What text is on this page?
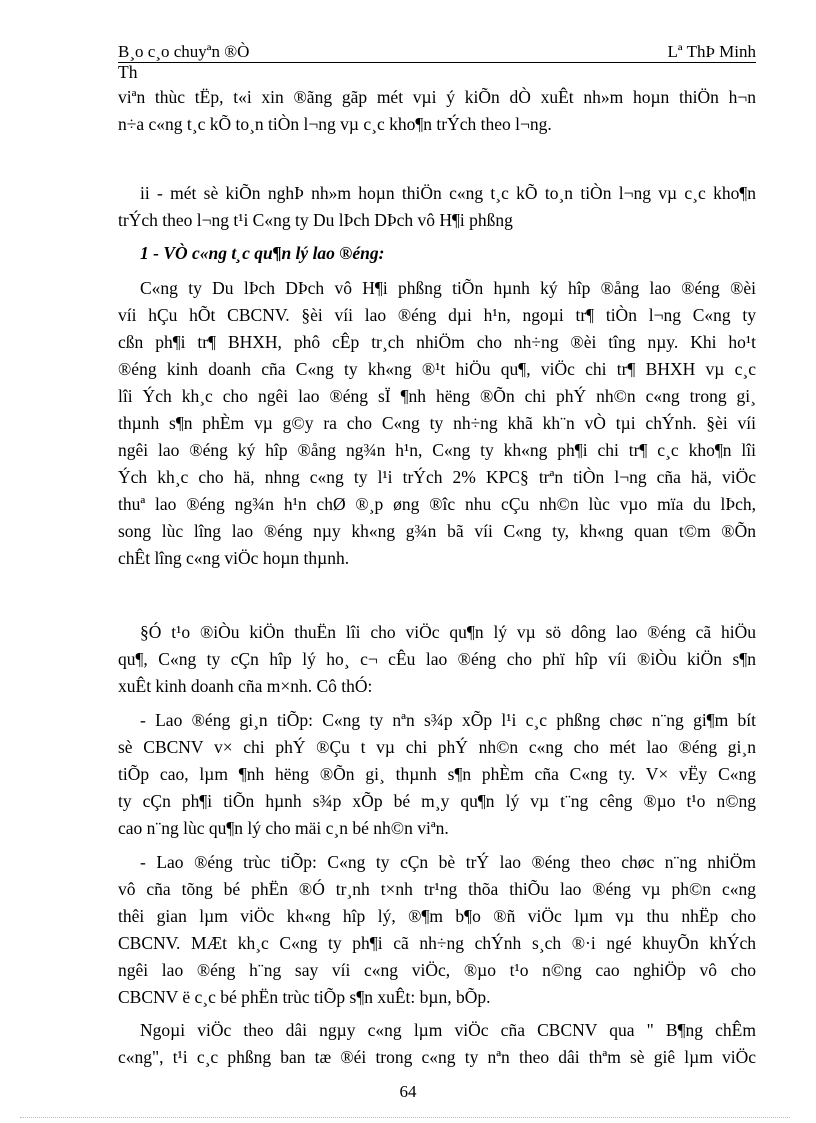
B¸o c¸o chuyªn ®Ò	Lª ThÞ Minh
Th
viªn thùc tËp, t«i xin ®ãng gãp mét vµi ý kiÕn dÒ xuÊt nh»m hoµn thiÖn h¬n
n÷a c«ng t¸c kÕ to¸n tiÒn l¬ng vµ c¸c kho¶n trÝch theo l¬ng.
ii - mét sè kiÕn nghÞ nh»m hoµn thiÖn c«ng t¸c kÕ to¸n tiÒn l¬ng vµ c¸c kho¶n
trÝch theo l¬ng t¹i C«ng ty Du lÞch DÞch vô H¶i phßng
1 - VÒ c«ng t¸c qu¶n lý lao ®éng:
C«ng ty Du lÞch DÞch vô H¶i phßng tiÕn hµnh ký hîp ®ång lao ®éng ®èi
víi hÇu hÕt CBCNV. §èi víi lao ®éng dµi h¹n, ngoµi tr¶ tiÒn l¬ng C«ng ty
cßn ph¶i tr¶ BHXH, phô cÊp tr¸ch nhiÖm cho nh÷ng ®èi tîng nµy. Khi ho¹t
®éng kinh doanh cña C«ng ty kh«ng ®¹t hiÖu qu¶, viÖc chi tr¶ BHXH vµ c¸c
lîi Ých kh¸c cho ngêi lao ®éng sÏ ¶nh hëng ®Õn chi phÝ nh©n c«ng trong gi¸
thµnh s¶n phÈm vµ g©y ra cho C«ng ty nh÷ng khã kh¨n vÒ tµi chÝnh. §èi víi
ngêi lao ®éng ký hîp ®ång ng¾n h¹n, C«ng ty kh«ng ph¶i chi tr¶ c¸c kho¶n lîi
Ých kh¸c cho hä, nhng c«ng ty l¹i trÝch 2% KPC§ trªn tiÒn l¬ng cña hä, viÖc
thuª lao ®éng ng¾n h¹n chØ ®¸p øng ®îc nhu cÇu nh©n lùc vµo mïa du lÞch,
song lùc lîng lao ®éng nµy kh«ng g¾n bã víi C«ng ty, kh«ng quan t©m ®Õn
chÊt lîng c«ng viÖc hoµn thµnh.
§Ó t¹o ®iÒu kiÖn thuËn lîi cho viÖc qu¶n lý vµ sö dông lao ®éng cã hiÖu
qu¶, C«ng ty cÇn hîp lý ho¸ c¬ cÊu lao ®éng cho phï hîp víi ®iÒu kiÖn s¶n
xuÊt kinh doanh cña m×nh. Cô thÓ:
- Lao ®éng gi¸n tiÕp: C«ng ty nªn s¾p xÕp l¹i c¸c phßng chøc n¨ng gi¶m bít
sè CBCNV v× chi phÝ ®Çu t vµ chi phÝ nh©n c«ng cho mét lao ®éng gi¸n
tiÕp cao, lµm ¶nh hëng ®Õn gi¸ thµnh s¶n phÈm cña C«ng ty. V× vËy C«ng
ty cÇn ph¶i tiÕn hµnh s¾p xÕp bé m¸y qu¶n lý vµ t¨ng cêng ®µo t¹o n©ng
cao n¨ng lùc qu¶n lý cho mäi c¸n bé nh©n viªn.
- Lao ®éng trùc tiÕp: C«ng ty cÇn bè trÝ lao ®éng theo chøc n¨ng nhiÖm
vô cña tõng bé phËn ®Ó tr¸nh t×nh tr¹ng thõa thiÕu lao ®éng vµ ph©n c«ng
thêi gian lµm viÖc kh«ng hîp lý, ®¶m b¶o ®ñ viÖc lµm vµ thu nhËp cho
CBCNV. MÆt kh¸c C«ng ty ph¶i cã nh÷ng chÝnh s¸ch ®·i ngé khuyÕn khÝch
ngêi lao ®éng h¨ng say víi c«ng viÖc, ®µo t¹o n©ng cao nghiÖp vô cho
CBCNV ë c¸c bé phËn trùc tiÕp s¶n xuÊt: bµn, bÕp.
Ngoµi viÖc theo dâi ngµy c«ng lµm viÖc cña CBCNV qua " B¶ng chÊm
c«ng", t¹i c¸c phßng ban tæ ®éi trong c«ng ty nªn theo dâi thªm sè giê lµm viÖc
64
